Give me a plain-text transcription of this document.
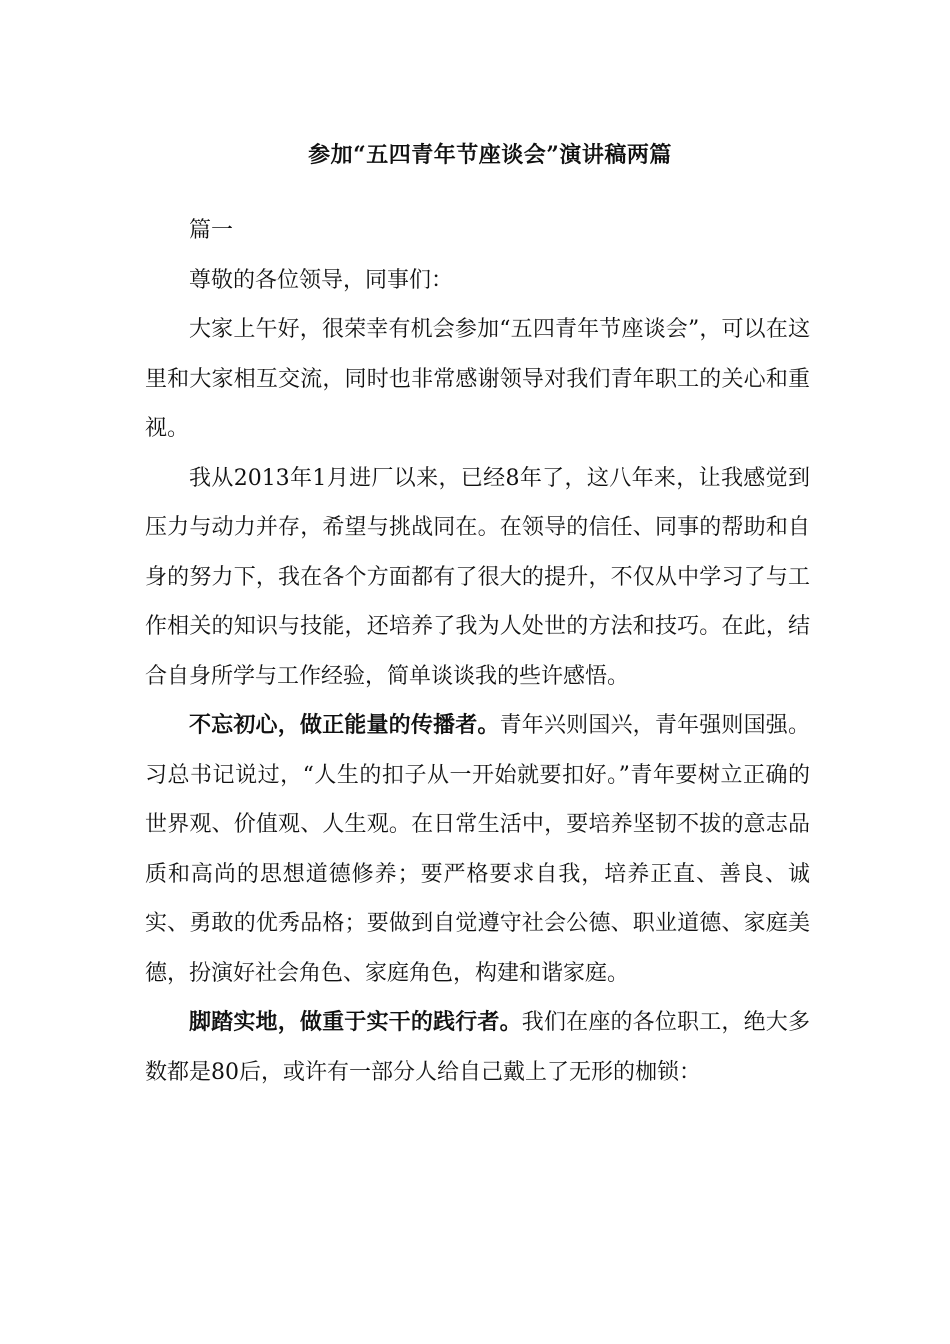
参加“五四青年节座谈会”演讲稿两篇

篇一

尊敬的各位领导，同事们：

大家上午好，很荣幸有机会参加“五四青年节座谈会”，可以在这里和大家相互交流，同时也非常感谢领导对我们青年职工的关心和重视。

我从2013年1月进厂以来，已经8年了，这八年来，让我感觉到压力与动力并存，希望与挑战同在。在领导的信任、同事的帮助和自身的努力下，我在各个方面都有了很大的提升，不仅从中学习了与工作相关的知识与技能，还培养了我为人处世的方法和技巧。在此，结合自身所学与工作经验，简单谈谈我的些许感悟。

不忘初心，做正能量的传播者。青年兴则国兴，青年强则国强。习总书记说过，“人生的扣子从一开始就要扣好。”青年要树立正确的世界观、价值观、人生观。在日常生活中，要培养坚韧不拔的意志品质和高尚的思想道德修养；要严格要求自我，培养正直、善良、诚实、勇敢的优秀品格；要做到自觉遵守社会公德、职业道德、家庭美德，扮演好社会角色、家庭角色，构建和谐家庭。

脚踏实地，做重于实干的践行者。我们在座的各位职工，绝大多数都是80后，或许有一部分人给自己戴上了无形的枷锁：
